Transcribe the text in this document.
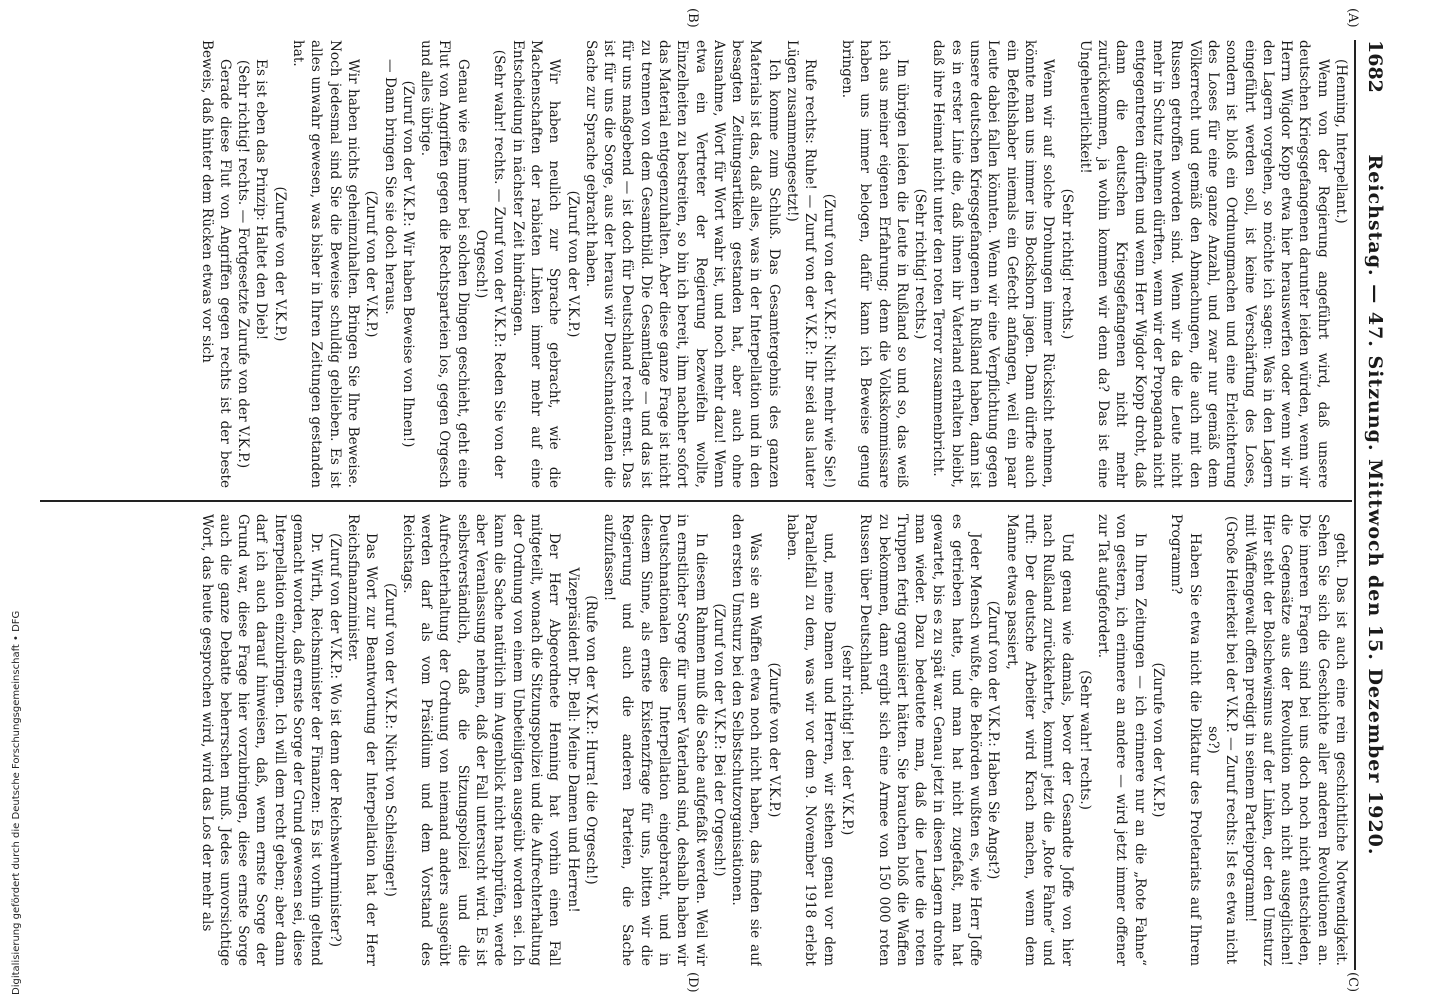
1682
Reichstag. — 47. Sitzung. Mittwoch den 15. Dezember 1920.
(A)
(B)
(C)
(D)

(Henning, Interpellant.)

Wenn von der Regierung angeführt wird, daß unsere deutschen Kriegsgefangenen darunter leiden würden, wenn wir Herrn Wigdor Kopp etwa hier herauswerfen oder wenn wir in den Lagern vorgehen, so möchte ich sagen: Was in den Lagern eingeführt werden soll, ist keine Verschärfung des Loses, sondern ist bloß ein Ordnungmachen und eine Erleichterung des Loses für eine ganze Anzahl, und zwar nur gemäß dem Völkerrecht und gemäß den Abmachungen, die auch mit den Russen getroffen worden sind. Wenn wir da die Leute nicht mehr in Schutz nehmen dürften, wenn wir der Propaganda nicht entgegentreten dürften und wenn Herr Wigdor Kopp droht, daß dann die deutschen Kriegsgefangenen nicht mehr zurückkommen, ja wohin kommen wir denn da? Das ist eine Ungeheuerlichkeit!

(Sehr richtig! rechts.)

Wenn wir auf solche Drohungen immer Rücksicht nehmen, könnte man uns immer ins Bockshorn jagen. Dann dürfte auch ein Befehlshaber niemals ein Gefecht anfangen, weil ein paar Leute dabei fallen könnten. Wenn wir eine Verpflichtung gegen unsere deutschen Kriegsgefangenen in Rußland haben, dann ist es in erster Linie die, daß ihnen ihr Vaterland erhalten bleibt, daß ihre Heimat nicht unter den roten Terror zusammenbricht.

(Sehr richtig! rechts.)

Im übrigen leiden die Leute in Rußland so und so, das weiß ich aus meiner eigenen Erfahrung; denn die Volkskommissare haben uns immer belogen, dafür kann ich Beweise genug bringen.

(Zuruf von der V.K.P.: Nicht mehr wie Sie!)

Rufe rechts: Ruhe! — Zuruf von der V.K.P.: Ihr seid aus lauter Lügen zusammengesetzt!)

Ich komme zum Schluß. Das Gesamtergebnis des ganzen Materials ist das, daß alles, was in der Interpellation und in den besagten Zeitungsartikeln gestanden hat, aber auch ohne Ausnahme, Wort für Wort wahr ist, und noch mehr dazu! Wenn etwa ein Vertreter der Regierung bezweifeln wollte, Einzelheiten zu bestreiten, so bin ich bereit, ihm nachher sofort das Material entgegenzuhalten. Aber diese ganze Frage ist nicht zu trennen von dem Gesamtbild. Die Gesamtlage — und das ist für uns maßgebend — ist doch für Deutschland recht ernst. Das ist für uns die Sorge, aus der heraus wir Deutschnationalen die Sache zur Sprache gebracht haben.

(Zuruf von der V.K.P.)

Wir haben neulich zur Sprache gebracht, wie die Machenschaften der rabiaten Linken immer mehr auf eine Entscheidung in nächster Zeit hindrängen.

(Sehr wahr! rechts. — Zuruf von der V.K.P.: Reden Sie von der Orgesch!)

Genau wie es immer bei solchen Dingen geschieht, geht eine Flut von Angriffen gegen die Rechtsparteien los, gegen Orgesch und alles übrige.

(Zuruf von der V.K.P.: Wir haben Beweise von Ihnen!)

— Dann bringen Sie sie doch heraus.

(Zuruf von der V.K.P.)

Wir haben nichts geheimzuhalten. Bringen Sie Ihre Beweise. Noch jedesmal sind Sie die Beweise schuldig geblieben. Es ist alles unwahr gewesen, was bisher in Ihren Zeitungen gestanden hat.

(Zurufe von der V.K.P.)

Es ist eben das Prinzip: Haltet den Dieb!

(Sehr richtig! rechts. — Fortgesetzte Zurufe von der V.K.P.)

Gerade diese Flut von Angriffen gegen rechts ist der beste Beweis, daß hinter dem Rücken etwas vor sich

geht. Das ist auch eine rein geschichtliche Notwendigkeit. Sehen Sie sich die Geschichte aller anderen Revolutionen an. Die inneren Fragen sind bei uns doch noch nicht entschieden, die Gegensätze aus der Revolution noch nicht ausgeglichen! Hier steht der Bolschewismus auf der Linken, der den Umsturz mit Waffengewalt offen predigt in seinem Parteiprogramm!

(Große Heiterkeit bei der V.K.P. — Zuruf rechts: Ist es etwa nicht so?)

Haben Sie etwa nicht die Diktatur des Proletariats auf Ihrem Programm?

(Zurufe von der V.K.P.)

In Ihren Zeitungen — ich erinnere nur an die „Rote Fahne“ von gestern, ich erinnere an andere — wird jetzt immer offener zur Tat aufgefordert.

(Sehr wahr! rechts.)

Und genau wie damals, bevor der Gesandte Joffe von hier nach Rußland zurückkehrte, kommt jetzt die „Rote Fahne“ und ruft: Der deutsche Arbeiter wird Krach machen, wenn dem Manne etwas passiert,

(Zuruf von der V.K.P.: Haben Sie Angst?)

Jeder Mensch wußte, die Behörden wußten es, wie Herr Joffe es getrieben hatte, und man hat nicht zugefaßt, man hat gewartet, bis es zu spät war. Genau jetzt in diesen Lagern drohte man wieder. Dazu bedeutete man, daß die Leute die roten Truppen fertig organisiert hätten. Sie brauchen bloß die Waffen zu bekommen, dann ergibt sich eine Armee von 150 000 roten Russen über Deutschland.

(sehr richtig! bei der V.K.P.)

und, meine Damen und Herren, wir stehen genau vor dem Parallelfall zu dem, was wir vor dem 9. November 1918 erlebt haben.

(Zurufe von der V.K.P.)

Was sie an Waffen etwa noch nicht haben, das finden sie auf den ersten Umsturz bei den Selbstschutzorganisationen.

(Zuruf von der V.K.P.: Bei der Orgesch!)

In diesem Rahmen muß die Sache aufgefaßt werden. Weil wir in ernstlicher Sorge für unser Vaterland sind, deshalb haben wir Deutschnationalen diese Interpellation eingebracht, und in diesem Sinne, als ernste Existenzfrage für uns, bitten wir die Regierung und auch die anderen Parteien, die Sache aufzufassen!

(Rufe von der V.K.P.: Hurra! die Orgesch!)

Vizepräsident Dr. Bell: Meine Damen und Herren!

Der Herr Abgeordnete Henning hat vorhin einen Fall mitgeteilt, wonach die Sitzungspolizei und die Aufrechterhaltung der Ordnung von einem Unbeteiligten ausgeübt worden sei. Ich kann die Sache natürlich im Augenblick nicht nachprüfen, werde aber Veranlassung nehmen, daß der Fall untersucht wird. Es ist selbstverständlich, daß die Sitzungspolizei und die Aufrechterhaltung der Ordnung von niemand anders ausgeübt werden darf als vom Präsidium und dem Vorstand des Reichstags.

(Zuruf von der V.K.P.: Nicht von Schlesinger!)

Das Wort zur Beantwortung der Interpellation hat der Herr Reichsfinanzminister.

(Zuruf von der V.K.P.: Wo ist denn der Reichswehrminister?)

Dr. Wirth, Reichsminister der Finanzen: Es ist vorhin geltend gemacht worden, daß ernste Sorge der Grund gewesen sei, diese Interpellation einzubringen. Ich will dem recht geben; aber dann darf ich auch darauf hinweisen, daß, wenn ernste Sorge der Grund war, diese Frage hier vorzubringen, diese ernste Sorge auch die ganze Debatte beherrschen muß. Jedes unvorsichtige Wort, das heute gesprochen wird, wird das Los der mehr als

Digitalisierung gefördert durch die Deutsche Forschungsgemeinschaft • DFG
